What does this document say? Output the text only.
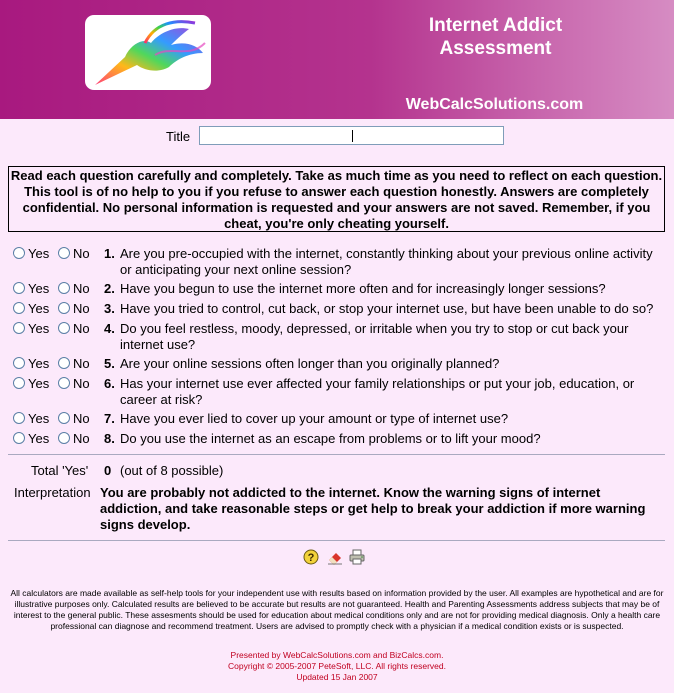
Internet Addict
Assessment
WebCalcSolutions.com
Title
Read each question carefully and completely. Take as much time as you need to reflect on each question. This tool is of no help to you if you refuse to answer each question honestly. Answers are completely confidential. No personal information is requested and your answers are not saved. Remember, if you cheat, you're only cheating yourself.
Yes No 1. Are you pre-occupied with the internet, constantly thinking about your previous online activity or anticipating your next online session?
Yes No 2. Have you begun to use the internet more often and for increasingly longer sessions?
Yes No 3. Have you tried to control, cut back, or stop your internet use, but have been unable to do so?
Yes No 4. Do you feel restless, moody, depressed, or irritable when you try to stop or cut back your internet use?
Yes No 5. Are your online sessions often longer than you originally planned?
Yes No 6. Has your internet use ever affected your family relationships or put your job, education, or career at risk?
Yes No 7. Have you ever lied to cover up your amount or type of internet use?
Yes No 8. Do you use the internet as an escape from problems or to lift your mood?
Total 'Yes' 0 (out of 8 possible)
Interpretation You are probably not addicted to the internet. Know the warning signs of internet addiction, and take reasonable steps or get help to break your addiction if more warning signs develop.
?
All calculators are made available as self-help tools for your independent use with results based on information provided by the user. All examples are hypothetical and are for illustrative purposes only. Calculated results are believed to be accurate but results are not guaranteed. Health and Parenting Assessments address subjects that may be of interest to the general public. These assesments should be used for education about medical conditions only and are not for providing medical diagnosis. Only a health care professional can diagnose and recommend treatment. Users are advised to promptly check with a physician if a medical condition exists or is suspected.
Presented by WebCalcSolutions.com and BizCalcs.com.
Copyright © 2005-2007 PeteSoft, LLC. All rights reserved.
Updated 15 Jan 2007
